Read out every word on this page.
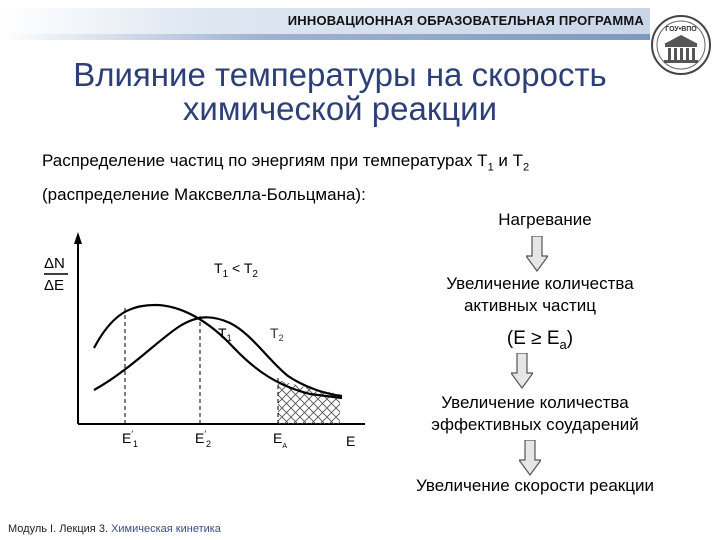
ИННОВАЦИОННАЯ ОБРАЗОВАТЕЛЬНАЯ ПРОГРАММА
ГОУ•ВПО
Влияние температуры на скорость
химической реакции
Распределение частиц по энергиям при температурах $Т_1$ и $Т_2$
(распределение Максвелла-Больцмана):
ΔN
ΔE
$T_1 < T_2$
$T_1$	$T_2$
$E'_1$	$E'_2$	$E_A$	E
Нагревание
Увеличение количества
активных частиц
$(E \ge E_a)$
Увеличение количества
эффективных соударений
Увеличение скорости реакции
Модуль I. Лекция 3. Химическая кинетика
